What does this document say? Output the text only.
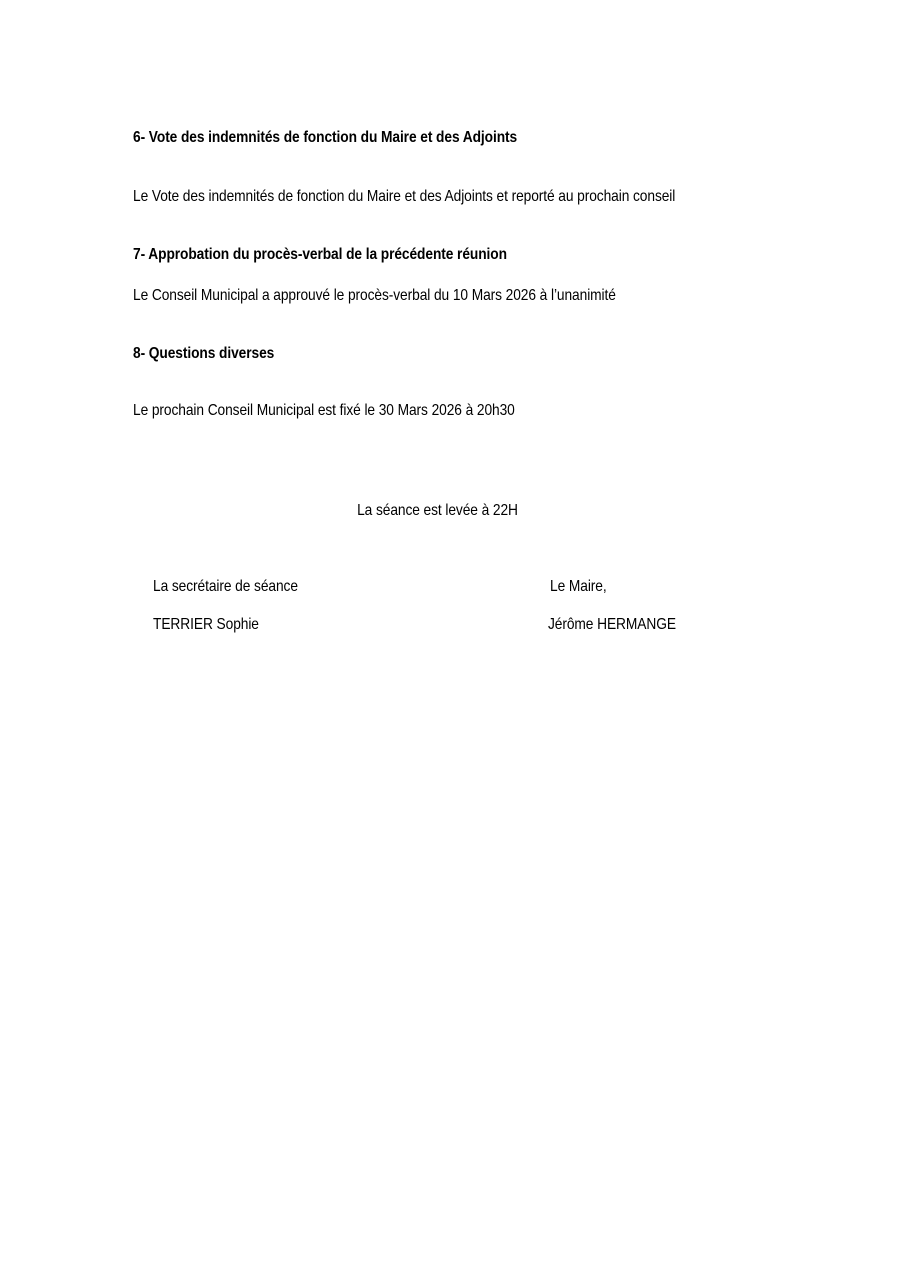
6- Vote des indemnités de fonction du Maire et des Adjoints
Le Vote des indemnités de fonction du Maire et des Adjoints et reporté au prochain conseil
7- Approbation du procès-verbal de la précédente réunion
Le Conseil Municipal a approuvé le procès-verbal du 10 Mars 2026 à l’unanimité
8- Questions diverses
Le prochain Conseil Municipal est fixé le 30 Mars 2026 à 20h30
La séance est levée à 22H
La secrétaire de séance	Le Maire,
TERRIER Sophie	Jérôme HERMANGE
